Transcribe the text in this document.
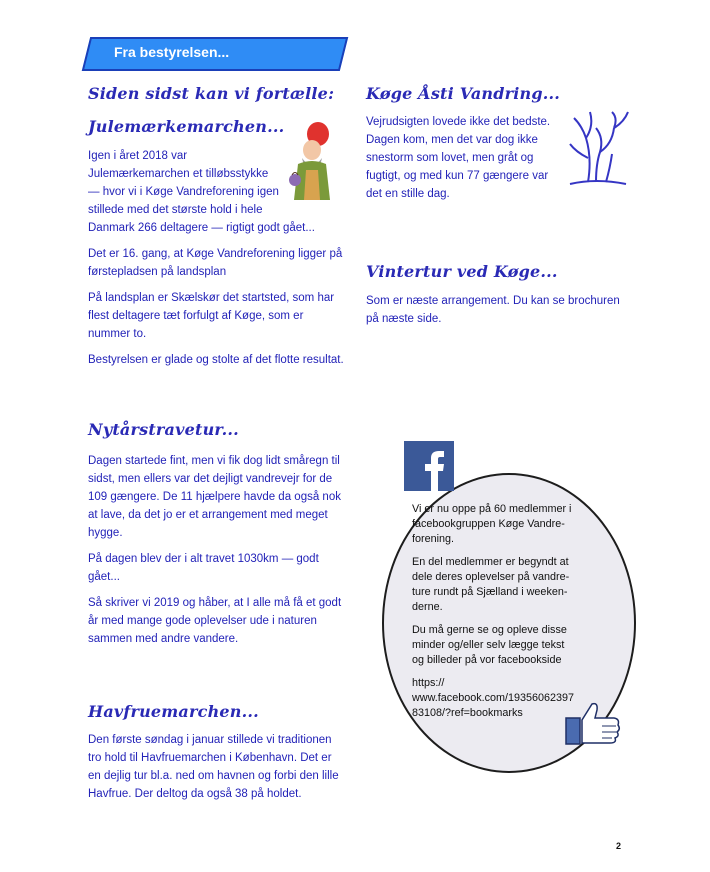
Fra bestyrelsen...
Siden sidst kan vi fortælle:
Julemærkemarchen...

Igen i året 2018 var
Julemærkemarchen et tilløbsstykke
— hvor vi i Køge Vandreforening igen
stillede med det største hold i hele
Danmark 266 deltagere — rigtigt godt gået...

Det er 16. gang, at Køge Vandreforening ligger på
førstepladsen på landsplan

På landsplan er Skælskør det startsted, som har
flest deltagere tæt forfulgt af Køge, som er
nummer to.

Bestyrelsen er glade og stolte af det flotte resultat.

Nytårstravetur...

Dagen startede fint, men vi fik dog lidt småregn til
sidst, men ellers var det dejligt vandrevejr for de
109 gængere. De 11 hjælpere havde da også nok
at lave, da det jo er et arrangement med meget
hygge.

På dagen blev der i alt travet 1030km — godt
gået...

Så skriver vi 2019 og håber, at I alle må få et godt
år med mange gode oplevelser ude i naturen
sammen med andre vandere.

Havfruemarchen...

Den første søndag i januar stillede vi traditionen
tro hold til Havfruemarchen i København. Det er
en dejlig tur bl.a. ned om havnen og forbi den lille
Havfrue. Der deltog da også 38 på holdet.

Køge Åsti Vandring...

Vejrudsigten lovede ikke det bedste.
Dagen kom, men det var dog ikke
snestorm som lovet, men gråt og
fugtigt, og med kun 77 gængere var
det en stille dag.

Vintertur ved Køge...

Som er næste arrangement. Du kan se brochuren
på næste side.

Vi er nu oppe på 60 medlemmer i
facebookgruppen Køge Vandre-
forening.

En del medlemmer er begyndt at
dele deres oplevelser på vandre-
ture rundt på Sjælland i weeken-
derne.

Du må gerne se og opleve disse
minder og/eller selv lægge tekst
og billeder på vor facebookside

https://
www.facebook.com/19356062397
83108/?ref=bookmarks

2
